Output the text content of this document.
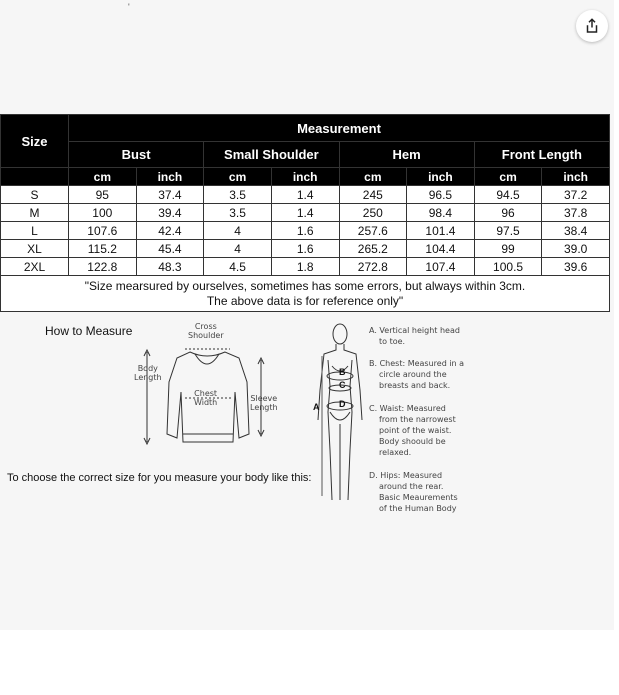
'
Size	Measurement							
	Bust		Small Shoulder		Hem		Front Length	
	cm	inch	cm	inch	cm	inch	cm	inch
S	95	37.4	3.5	1.4	245	96.5	94.5	37.2
M	100	39.4	3.5	1.4	250	98.4	96	37.8
L	107.6	42.4	4	1.6	257.6	101.4	97.5	38.4
XL	115.2	45.4	4	1.6	265.2	104.4	99	39.0
2XL	122.8	48.3	4.5	1.8	272.8	107.4	100.5	39.6

"Size mearsured by ourselves, sometimes has some errors, but always within 3cm.
The above data is for reference only"								
How to Measure
To choose the correct size for you measure your body like this:
Cross
Shoulder
Body
Length
Chest
Width	Sleeve
Length	A
B
C
D
A. Vertical height head
to toe.
B. Chest: Measured in a
circle around the
breasts and back.
C. Waist: Measured
from the narrowest
point of the waist.
Body shoould be
relaxed.
D. Hips: Measured
around the rear.
Basic Meaurements
of the Human Body
